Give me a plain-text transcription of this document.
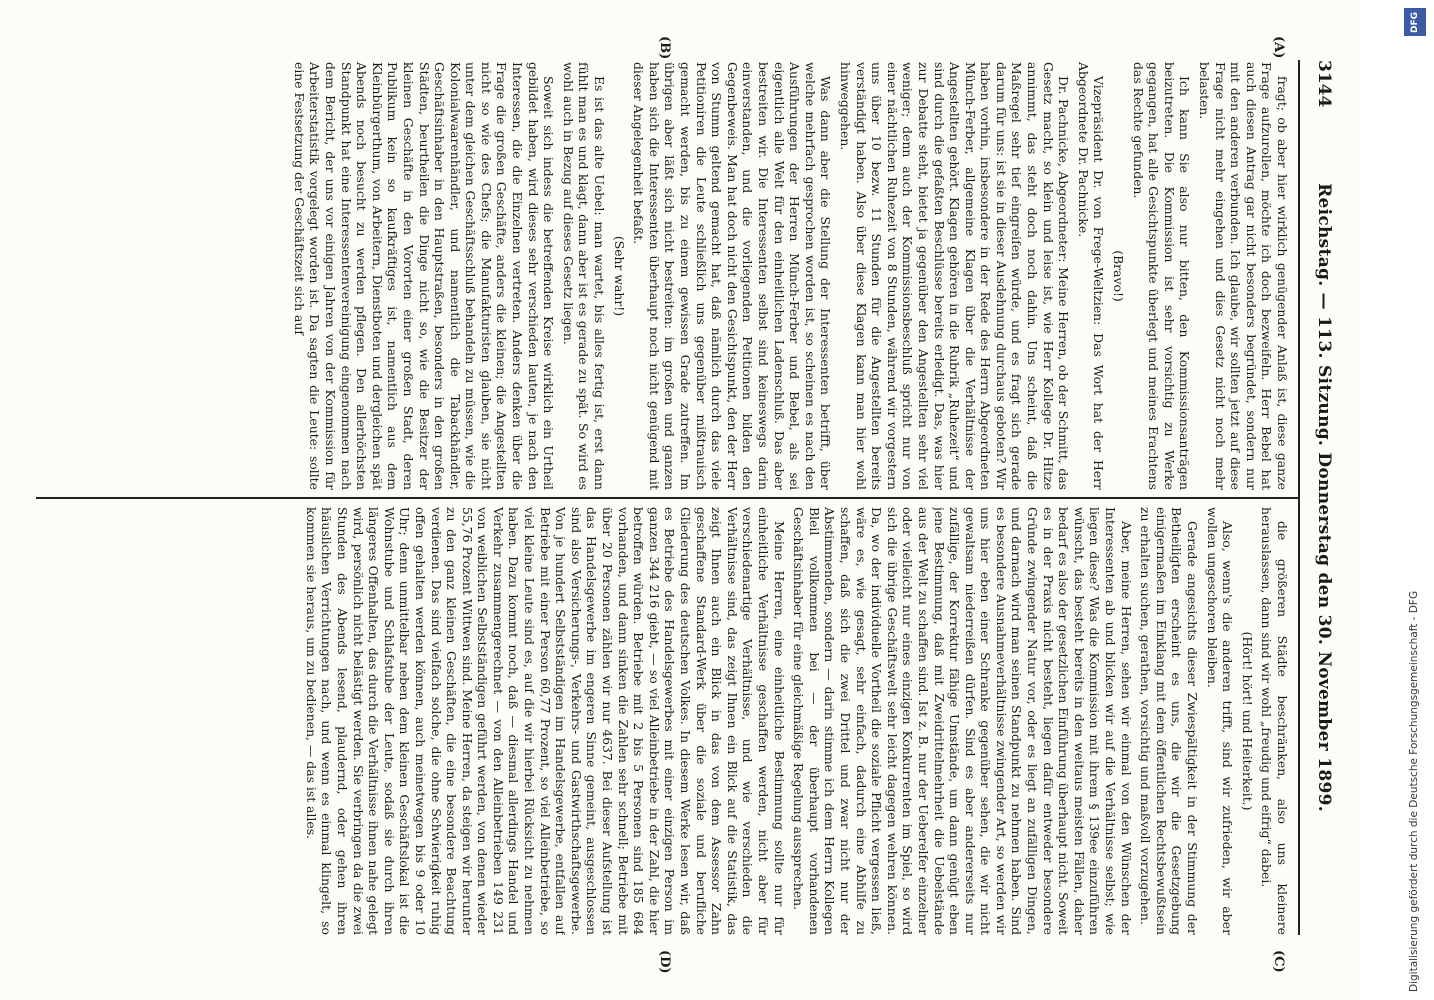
3144
Reichstag. — 113. Sitzung. Donnerstag den 30. November 1899.
(A)
(B)
(C)
(D)

fragt; ob aber hier wirklich genügender Anlaß ist, diese ganze Frage aufzurollen, möchte ich doch bezweifeln. Herr Bebel hat auch diesen Antrag gar nicht besonders begründet, sondern nur mit den anderen verbunden. Ich glaube, wir sollten jetzt auf diese Frage nicht mehr eingehen und dies Gesetz nicht noch mehr belasten.

Ich kann Sie also nur bitten, den Kommissionsanträgen beizutreten. Die Kommission ist sehr vorsichtig zu Werke gegangen, hat alle Gesichtspunkte überlegt und meines Erachtens das Rechte gefunden.

(Bravo!)

Vizepräsident Dr. von Frege-Weltzien: Das Wort hat der Herr Abgeordnete Dr. Pachnicke.

Dr. Pachnicke, Abgeordneter: Meine Herren, ob der Schmitt, das Gesetz macht, so klein und leise ist, wie Herr Kollege Dr. Hitze annimmt, das steht doch noch dahin. Uns scheint, daß die Maßregel sehr tief eingreifen würde, und es fragt sich gerade darum für uns: ist sie in dieser Ausdehnung durchaus geboten? Wir haben vorhin, insbesondere in der Rede des Herrn Abgeordneten Münch-Ferber, allgemeine Klagen über die Verhältnisse der Angestellten gehört. Klagen gehören in die Rubrik „Ruhezeit“ und sind durch die gefaßten Beschlüsse bereits erledigt. Das, was hier zur Debatte steht, bietet ja gegenüber den Angestellten sehr viel weniger; denn auch der Kommissionsbeschluß spricht nur von einer nächtlichen Ruhezeit von 8 Stunden, während wir vorgestern uns über 10 bezw. 11 Stunden für die Angestellten bereits verständigt haben. Also über diese Klagen kann man hier wohl hinweggehen.

Was dann aber die Stellung der Interessenten betrifft, über welche mehrfach gesprochen worden ist, so scheinen es nach den Ausführungen der Herren Münch-Ferber und Bebel, als sei eigentlich alle Welt für den einheitlichen Ladenschluß. Das aber bestreiten wir. Die Interessenten selbst sind keineswegs darin einverstanden, und die vorliegenden Petitionen bilden den Gegenbeweis. Man hat doch nicht den Gesichtspunkt, den der Herr von Stumm geltend gemacht hat, daß nämlich durch das viele Petitioniren die Leute schließlich uns gegenüber mißtrauisch gemacht werden, bis zu einem gewissen Grade zutreffen. Im übrigen aber läßt sich nicht bestreiten: im großen und ganzen haben sich die Interessenten überhaupt noch nicht genügend mit dieser Angelegenheit befaßt.

(Sehr wahr!)

Es ist das alte Uebel: man wartet, bis alles fertig ist, erst dann fühlt man es und klagt, dann aber ist es gerade zu spät. So wird es wohl auch in Bezug auf dieses Gesetz liegen.

Soweit sich indess die betreffenden Kreise wirklich ein Urtheil gebildet haben, wird dieses sehr verschieden lauten, je nach den Interessen, die die Einzelnen vertreten. Anders denken über die Frage die großen Geschäfte, anders die kleinen; die Angestellten nicht so wie des Chefs; die Manufakturisten glauben, sie nicht unter dem gleichen Geschäftsschluß behandeln zu müssen, wie die Kolonialwaarenhändler, und namentlich die Tabackhändler, Geschäftsinhaber in den Hauptstraßen, besonders in den großen Städten, beurtheilen die Dinge nicht so, wie die Besitzer der kleinen Geschäfte in den Vororten einer großen Stadt, deren Publikum kein so kaufkräftiges ist, namentlich aus dem Kleinbürgerthum, von Arbeitern, Dienstboten und dergleichen spät Abends noch besucht zu werden pflegen. Den allerhöchsten Standpunkt hat eine Interessentenvereinigung eingenommen nach dem Bericht, der uns vor einigen Jahren von der Kommission für Arbeiterstatistik vorgelegt worden ist. Da sagten die Leute: sollte eine Festsetzung der Geschäftszeit sich auf

die größeren Städte beschränken, also uns kleinere herauslassen, dann sind wir wohl „freudig und eifrig“ dabei.

(Hört! hört! und Heiterkeit.)

Also, wenn's die anderen trifft, sind wir zufrieden, wir aber wollen ungeschoren bleiben.

Gerade angesichts dieser Zwiespältigkeit in der Stimmung der Betheiligten erscheint es uns, die wir die Gesetzgebung einigermaßen im Einklang mit dem öffentlichen Rechtsbewußtsein zu erhalten suchen, gerathen, vorsichtig und maßvoll vorzugehen.

Aber, meine Herren, sehen wir einmal von den Wünschen der Interessenten ab und blicken wir auf die Verhältnisse selbst; wie liegen diese? Was die Kommission mit ihrem § 139ee einzuführen wünscht, das besteht bereits in den weitaus meisten Fällen, daher bedarf es also der gesetzlichen Einführung überhaupt nicht. Soweit es in der Praxis nicht besteht, liegen dafür entweder besondere Gründe zwingender Natur vor, oder es liegt an zufälligen Dingen, und darnach wird man seinen Standpunkt zu nehmen haben. Sind es besondere Ausnahmeverhältnisse zwingender Art, so werden wir uns hier eben einer Schranke gegenüber sehen, die wir nicht gewaltsam niederreißen dürfen. Sind es aber andererseits nur zufällige, der Korrektur fähige Umstände, um dann genügt eben jene Bestimmung, daß mit Zweidrittelmehrheit die Uebelstände aus der Welt zu schaffen sind. Ist z. B. nur der Ueberelfer einzelner oder vielleicht nur eines einzigen Konkurrenten im Spiel, so wird sich die übrige Geschäftswelt sehr leicht dagegen wehren können. Da, wo der individuelle Vortheil die soziale Pflicht vergessen ließ, wäre es, wie gesagt, sehr einfach, dadurch eine Abhilfe zu schaffen, daß sich die zwei Drittel und zwar nicht nur der Abstimmenden, sondern — darin stimme ich dem Herrn Kollegen Bleil vollkommen bei — der überhaupt vorhandenen Geschäftsinhaber für eine gleichmäßige Regelung aussprechen.

Meine Herren, eine einheitliche Bestimmung sollte nur für einheitliche Verhältnisse geschaffen werden, nicht aber für verschiedenartige Verhältnisse, und wie verschieden die Verhältnisse sind, das zeigt Ihnen ein Blick auf die Statistik, das zeigt Ihnen auch ein Blick in das von dem Assessor Zahn geschaffene Standard-Werk über die soziale und berufliche Gliederung des deutschen Volkes. In diesem Werke lesen wir, daß es Betriebe des Handelsgewerbes mit einer einzigen Person im ganzen 344 216 giebt, — so viel Alleinbetriebe in der Zahl, die hier betroffen würden. Betriebe mit 2 bis 5 Personen sind 185 684 vorhanden, und dann sinken die Zahlen sehr schnell; Betriebe mit über 20 Personen zählen wir nur 4637. Bei dieser Aufstellung ist das Handelsgewerbe im engeren Sinne gemeint, ausgeschlossen sind also Versicherungs-, Verkehrs- und Gastwirthschaftsgewerbe. Von je hundert Selbstständigen im Handelsgewerbe, entfallen auf Betriebe mit einer Person 60,77 Prozent, so viel Alleinbetriebe, so viel kleine Leute sind es, auf die wir hierbei Rücksicht zu nehmen haben. Dazu kommt noch, daß — diesmal allerdings Handel und Verkehr zusammengerechnet — von den Alleinbetrieben 149 231 von weiblichen Selbstständigen geführt werden, von denen wieder 55,76 Prozent Wittwen sind. Meine Herren, da steigen wir herunter zu den ganz kleinen Geschäften, die eine besondere Beachtung verdienen. Das sind vielfach solche, die ohne Schwierigkeit ruhig offen gehalten werden können, auch meinetwegen bis 9 oder 10 Uhr; denn unmittelbar neben dem kleinen Geschäftslokal ist die Wohnstube und Schlafstube der Leute, sodaß sie durch ihren längeres Offenhalten, das durch die Verhältnisse ihnen nahe gelegt wird, persönlich nicht belästigt werden. Sie verbringen da die zwei Stunden des Abends lesend, plaudernd, oder gehen ihren häuslichen Verrichtungen nach, und wenn es einmal klingelt, so kommen sie heraus, um zu bedienen, — das ist alles.

DFG
Digitalisierung gefördert durch die Deutsche Forschungsgemeinschaft - DFG
